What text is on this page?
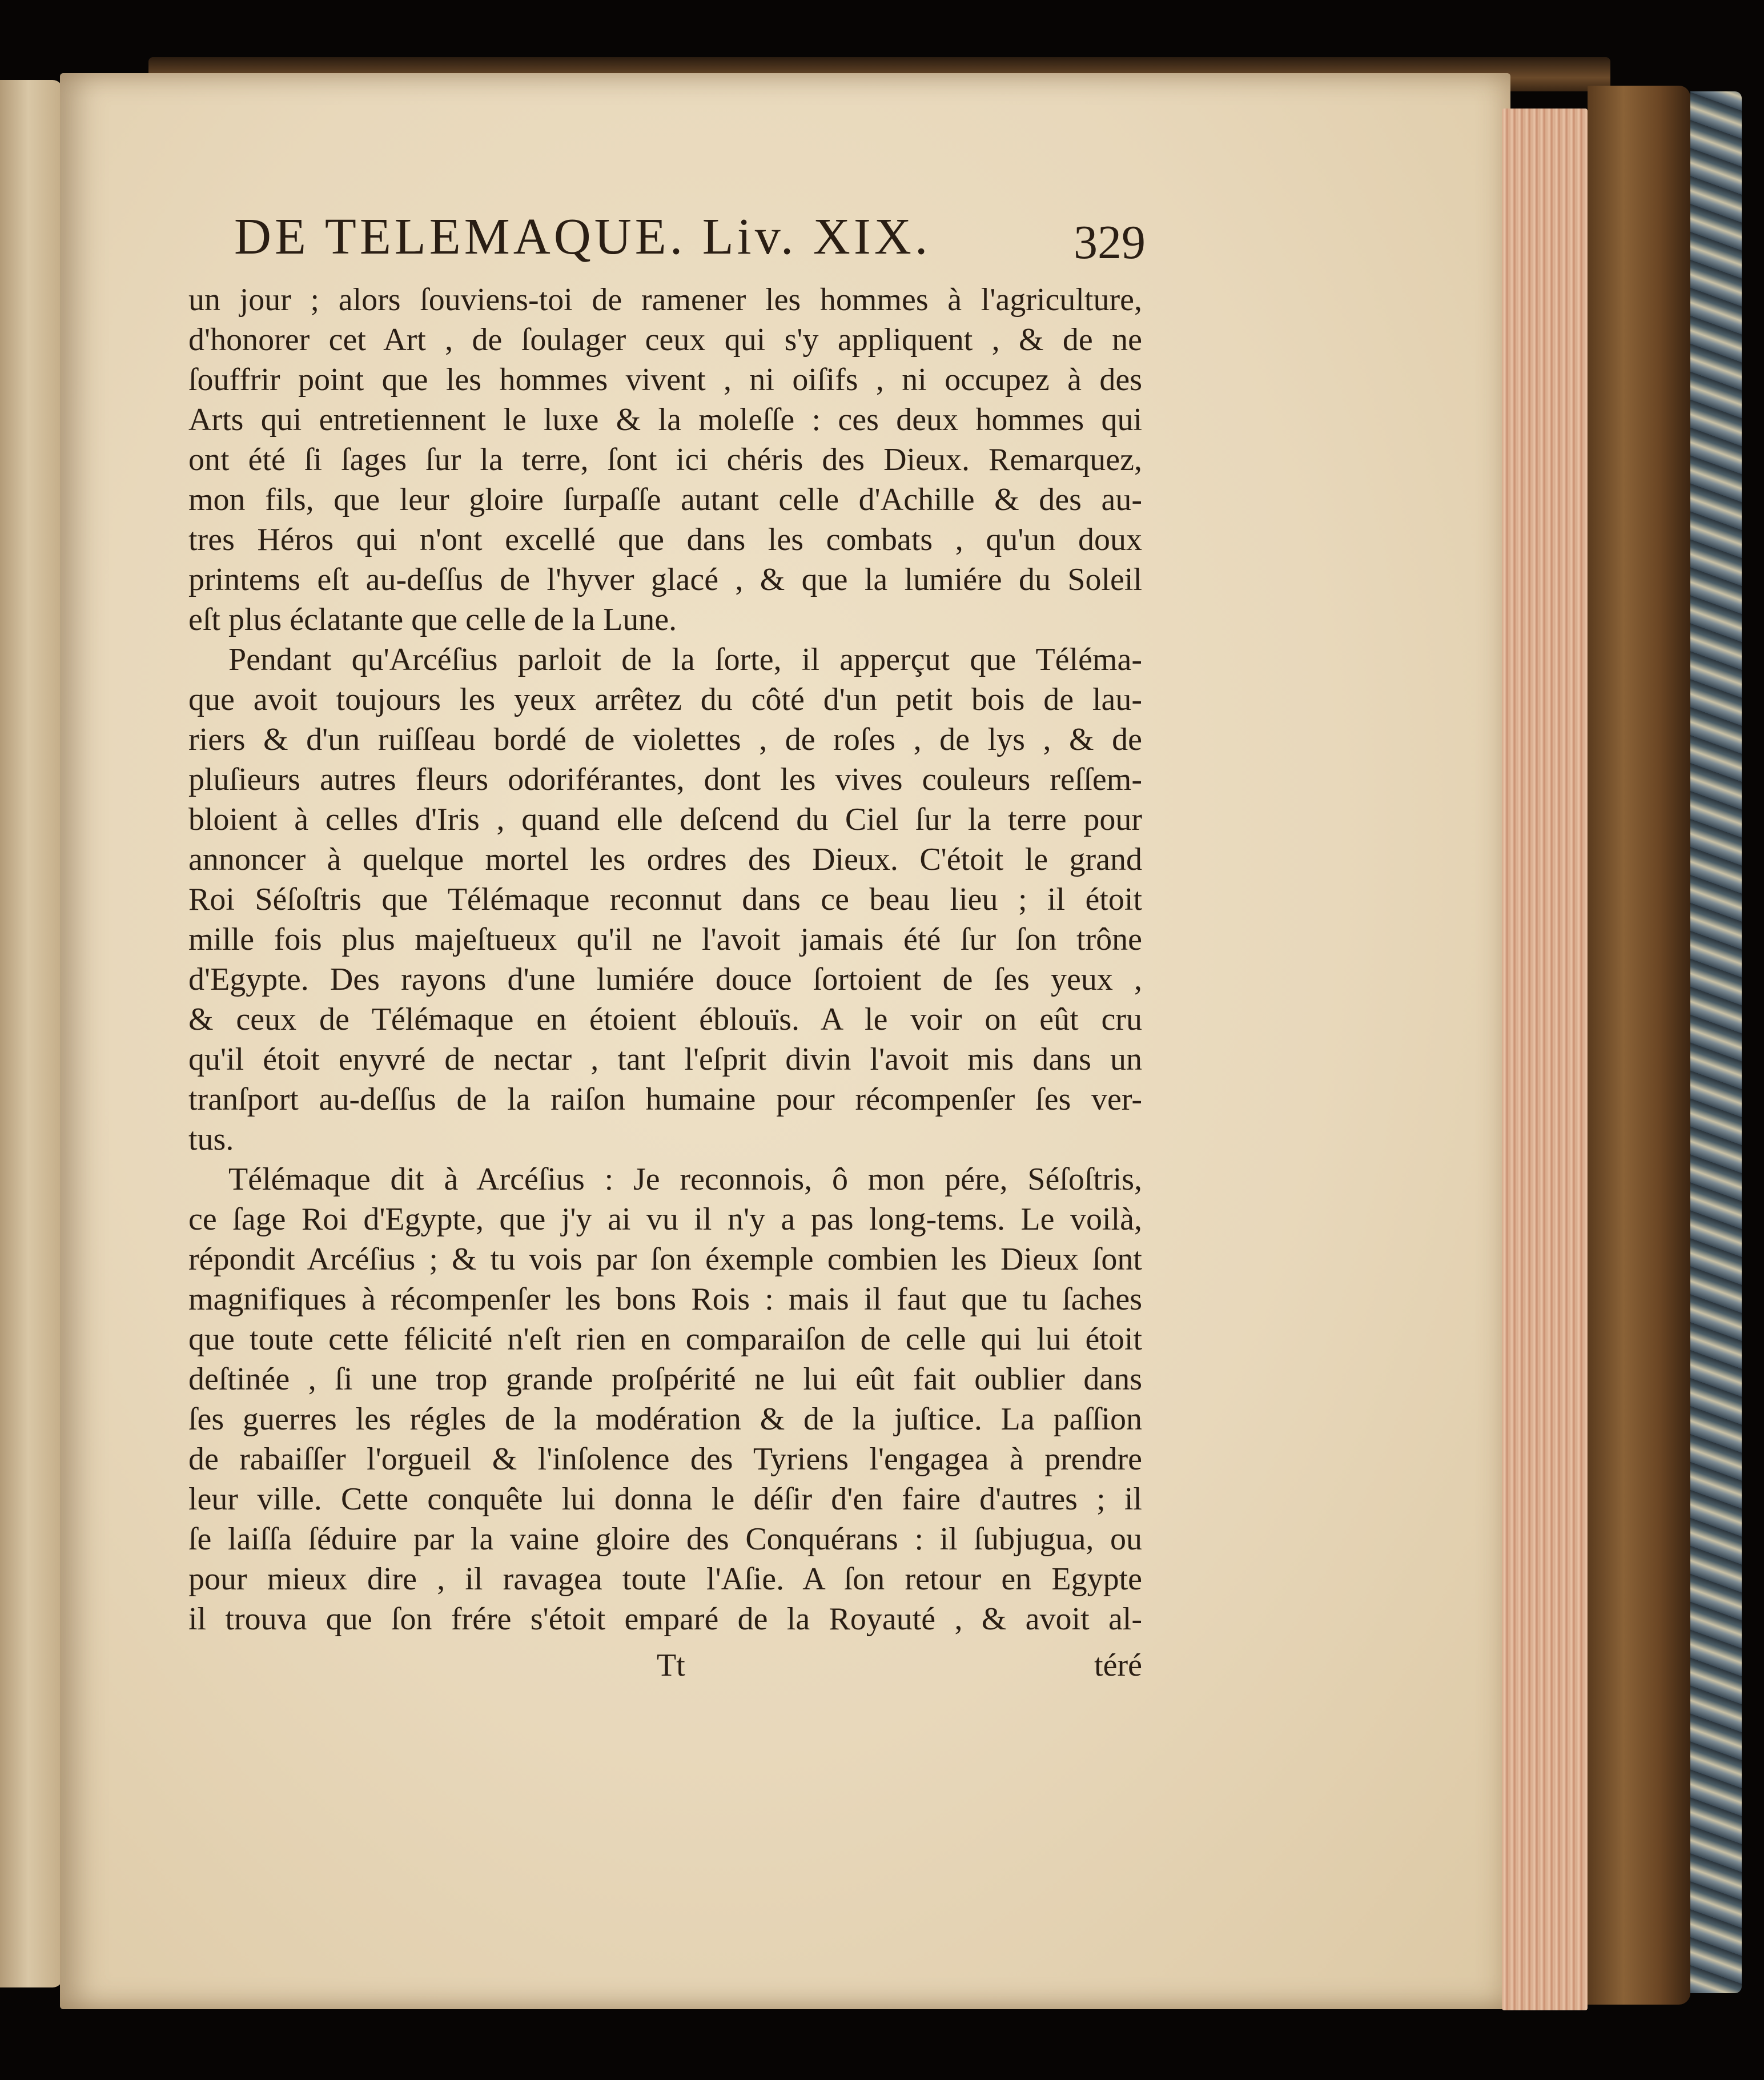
DE TELEMAQUE. Liv. XIX.	329
un jour ; alors ſouviens-toi de ramener les hommes à l'agriculture,
d'honorer cet Art , de ſoulager ceux qui s'y appliquent , & de ne
ſouffrir point que les hommes vivent , ni oiſifs , ni occupez à des
Arts qui entretiennent le luxe & la moleſſe : ces deux hommes qui
ont été ſi ſages ſur la terre, ſont ici chéris des Dieux. Remarquez,
mon fils, que leur gloire ſurpaſſe autant celle d'Achille & des au-
tres Héros qui n'ont excellé que dans les combats , qu'un doux
printems eſt au-deſſus de l'hyver glacé , & que la lumiére du Soleil
eſt plus éclatante que celle de la Lune.
Pendant qu'Arcéſius parloit de la ſorte, il apperçut que Téléma-
que avoit toujours les yeux arrêtez du côté d'un petit bois de lau-
riers & d'un ruiſſeau bordé de violettes , de roſes , de lys , & de
pluſieurs autres fleurs odoriférantes, dont les vives couleurs reſſem-
bloient à celles d'Iris , quand elle deſcend du Ciel ſur la terre pour
annoncer à quelque mortel les ordres des Dieux. C'étoit le grand
Roi Séſoſtris que Télémaque reconnut dans ce beau lieu ; il étoit
mille fois plus majeſtueux qu'il ne l'avoit jamais été ſur ſon trône
d'Egypte. Des rayons d'une lumiére douce ſortoient de ſes yeux ,
& ceux de Télémaque en étoient éblouïs. A le voir on eût cru
qu'il étoit enyvré de nectar , tant l'eſprit divin l'avoit mis dans un
tranſport au-deſſus de la raiſon humaine pour récompenſer ſes ver-
tus.
Télémaque dit à Arcéſius : Je reconnois, ô mon pére, Séſoſtris,
ce ſage Roi d'Egypte, que j'y ai vu il n'y a pas long-tems. Le voilà,
répondit Arcéſius ; & tu vois par ſon éxemple combien les Dieux ſont
magnifiques à récompenſer les bons Rois : mais il faut que tu ſaches
que toute cette félicité n'eſt rien en comparaiſon de celle qui lui étoit
deſtinée , ſi une trop grande proſpérité ne lui eût fait oublier dans
ſes guerres les régles de la modération & de la juſtice. La paſſion
de rabaiſſer l'orgueil & l'inſolence des Tyriens l'engagea à prendre
leur ville. Cette conquête lui donna le déſir d'en faire d'autres ; il
ſe laiſſa ſéduire par la vaine gloire des Conquérans : il ſubjugua, ou
pour mieux dire , il ravagea toute l'Aſie. A ſon retour en Egypte
il trouva que ſon frére s'étoit emparé de la Royauté , & avoit al-
Tt	téré
